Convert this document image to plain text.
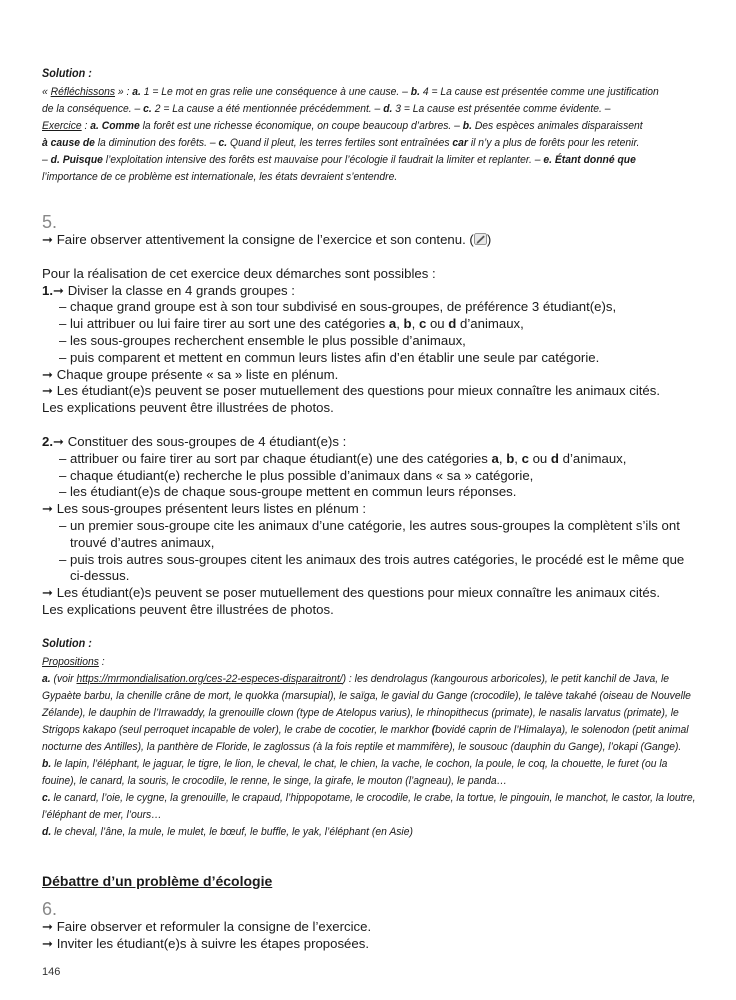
Solution :

« Réfléchissons » : a. 1 = Le mot en gras relie une conséquence à une cause. – b. 4 = La cause est présentée comme une justification

de la conséquence. – c. 2 = La cause a été mentionnée précédemment. – d. 3 = La cause est présentée comme évidente. –

Exercice : a. Comme la forêt est une richesse économique, on coupe beaucoup d’arbres. – b. Des espèces animales disparaissent

à cause de la diminution des forêts. – c. Quand il pleut, les terres fertiles sont entraînées car il n’y a plus de forêts pour les retenir.

– d. Puisque l’exploitation intensive des forêts est mauvaise pour l’écologie il faudrait la limiter et replanter. – e. Étant donné que

l’importance de ce problème est internationale, les états devraient s’entendre.

5.

➞ Faire observer attentivement la consigne de l’exercice et son contenu. ( )

Pour la réalisation de cet exercice deux démarches sont possibles :

1.➞ Diviser la classe en 4 grands groupes :

– chaque grand groupe est à son tour subdivisé en sous-groupes, de préférence 3 étudiant(e)s,

– lui attribuer ou lui faire tirer au sort une des catégories a, b, c ou d d’animaux,

– les sous-groupes recherchent ensemble le plus possible d’animaux,

– puis comparent et mettent en commun leurs listes afin d’en établir une seule par catégorie.

➞ Chaque groupe présente « sa » liste en plénum.

➞ Les étudiant(e)s peuvent se poser mutuellement des questions pour mieux connaître les animaux cités.

Les explications peuvent être illustrées de photos.

2.➞ Constituer des sous-groupes de 4 étudiant(e)s :

– attribuer ou faire tirer au sort par chaque étudiant(e) une des catégories a, b, c ou d d’animaux,

– chaque étudiant(e) recherche le plus possible d’animaux dans « sa » catégorie,

– les étudiant(e)s de chaque sous-groupe mettent en commun leurs réponses.

➞ Les sous-groupes présentent leurs listes en plénum :

– un premier sous-groupe cite les animaux d’une catégorie, les autres sous-groupes la complètent s’ils ont trouvé d’autres animaux,

– puis trois autres sous-groupes citent les animaux des trois autres catégories, le procédé est le même que ci-dessus.

➞ Les étudiant(e)s peuvent se poser mutuellement des questions pour mieux connaître les animaux cités.

Les explications peuvent être illustrées de photos.

Solution :

Propositions :

a. (voir https://mrmondialisation.org/ces-22-especes-disparaitront/) : les dendrolagus (kangourous arboricoles), le petit kanchil de Java, le Gypaète barbu, la chenille crâne de mort, le quokka (marsupial), le saïga, le gavial du Gange (crocodile), le talève takahé (oiseau de Nouvelle Zélande), le dauphin de l’Irrawaddy, la grenouille clown (type de Atelopus varius), le rhinopithecus (primate), le nasalis larvatus (primate), le Strigops kakapo (seul perroquet incapable de voler), le crabe de cocotier, le markhor (bovidé caprin de l’Himalaya), le solenodon (petit animal nocturne des Antilles), la panthère de Floride, le zaglossus (à la fois reptile et mammifère), le sousouc (dauphin du Gange), l’okapi (Gange).

b. le lapin, l’éléphant, le jaguar, le tigre, le lion, le cheval, le chat, le chien, la vache, le cochon, la poule, le coq, la chouette, le furet (ou la fouine), le canard, la souris, le crocodile, le renne, le singe, la girafe, le mouton (l’agneau), le panda…

c. le canard, l’oie, le cygne, la grenouille, le crapaud, l’hippopotame, le crocodile, le crabe, la tortue, le pingouin, le manchot, le castor, la loutre, l’éléphant de mer, l’ours…

d. le cheval, l’âne, la mule, le mulet, le bœuf, le buffle, le yak, l’éléphant (en Asie)

Débattre d’un problème d’écologie

6.

➞ Faire observer et reformuler la consigne de l’exercice.

➞ Inviter les étudiant(e)s à suivre les étapes proposées.

146
